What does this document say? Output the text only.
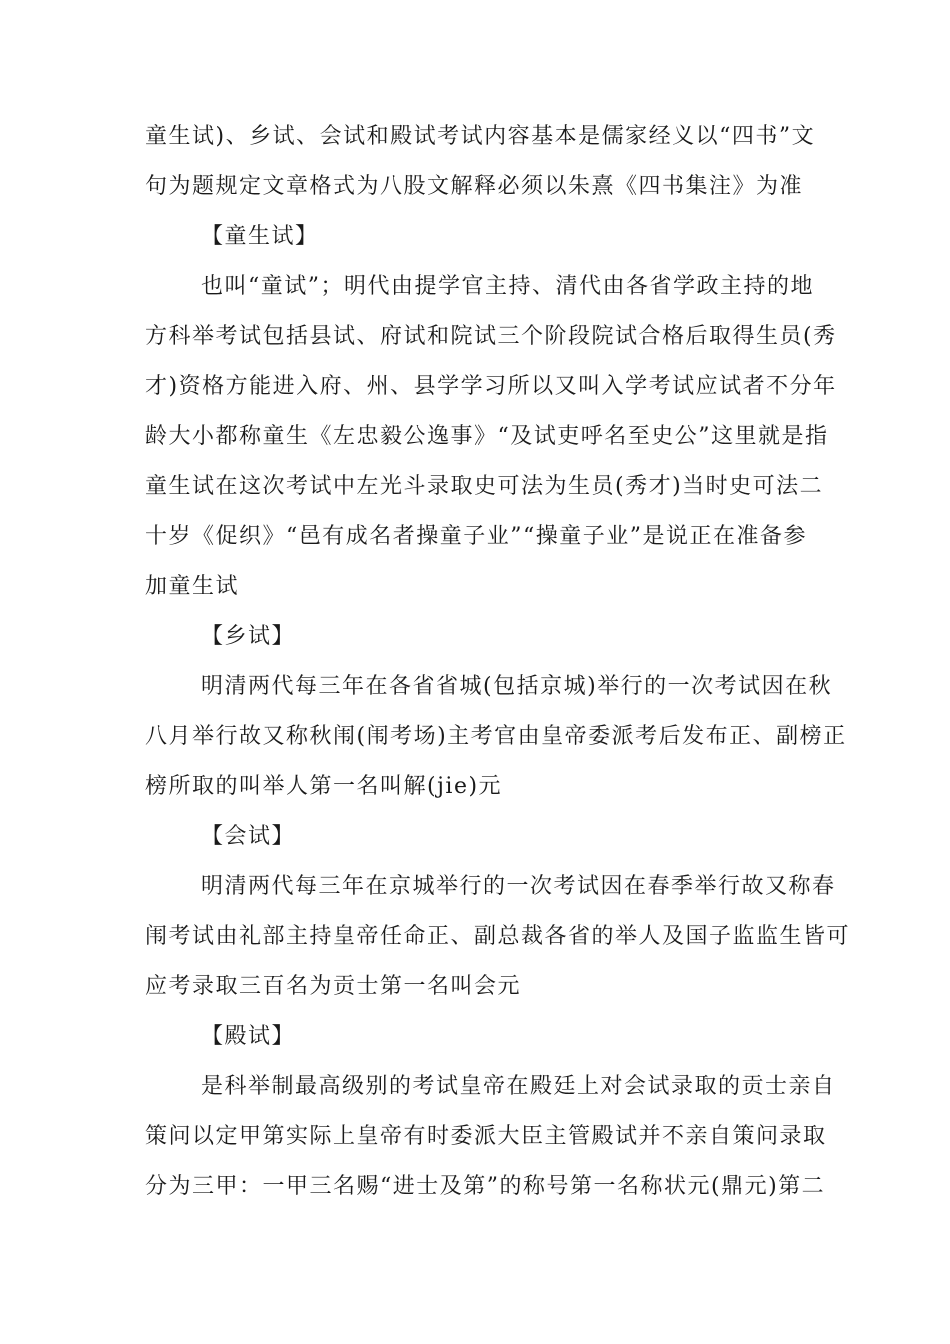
童生试)、乡试、会试和殿试考试内容基本是儒家经义以“四书”文
句为题规定文章格式为八股文解释必须以朱熹《四书集注》为准
【童生试】
也叫“童试”；明代由提学官主持、清代由各省学政主持的地
方科举考试包括县试、府试和院试三个阶段院试合格后取得生员(秀
才)资格方能进入府、州、县学学习所以又叫入学考试应试者不分年
龄大小都称童生《左忠毅公逸事》“及试吏呼名至史公”这里就是指
童生试在这次考试中左光斗录取史可法为生员(秀才)当时史可法二
十岁《促织》“邑有成名者操童子业”“操童子业”是说正在准备参
加童生试
【乡试】
明清两代每三年在各省省城(包括京城)举行的一次考试因在秋
八月举行故又称秋闱(闱考场)主考官由皇帝委派考后发布正、副榜正
榜所取的叫举人第一名叫解(jie)元
【会试】
明清两代每三年在京城举行的一次考试因在春季举行故又称春
闱考试由礼部主持皇帝任命正、副总裁各省的举人及国子监监生皆可
应考录取三百名为贡士第一名叫会元
【殿试】
是科举制最高级别的考试皇帝在殿廷上对会试录取的贡士亲自
策问以定甲第实际上皇帝有时委派大臣主管殿试并不亲自策问录取
分为三甲：一甲三名赐“进士及第”的称号第一名称状元(鼎元)第二
